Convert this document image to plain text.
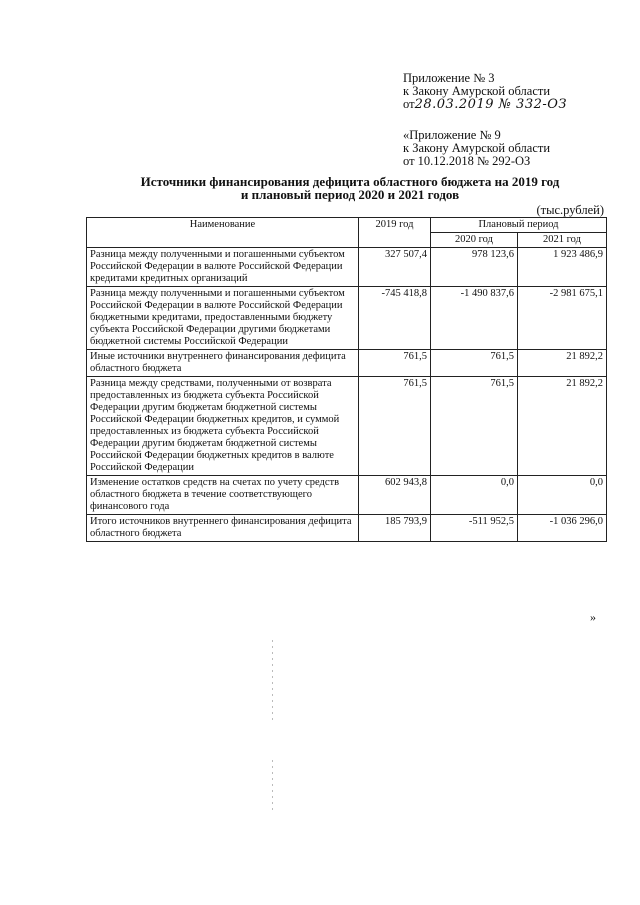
Приложение № 3
к Закону Амурской области
от28.03.2019 № 332-ОЗ
«Приложение № 9
к Закону Амурской области
от 10.12.2018 № 292-ОЗ
Источники финансирования дефицита областного бюджета на 2019 год
и плановый период 2020 и 2021 годов
(тыс.рублей)
Наименование	2019 год	Плановый период	
		2020 год	2021 год
Разница между полученными и погашенными субъектом Российской Федерации в валюте Российской Федерации кредитами кредитных организаций	327 507,4	978 123,6	1 923 486,9
Разница между полученными и погашенными субъектом Российской Федерации в валюте Российской Федерации бюджетными кредитами, предоставленными бюджету субъекта Российской Федерации другими бюджетами бюджетной системы Российской Федерации	-745 418,8	-1 490 837,6	-2 981 675,1
Иные источники внутреннего финансирования дефицита областного бюджета	761,5	761,5	21 892,2
Разница между средствами, полученными от возврата предоставленных из бюджета субъекта Российской Федерации другим бюджетам бюджетной системы Российской Федерации бюджетных кредитов, и суммой предоставленных из бюджета субъекта Российской Федерации другим бюджетам бюджетной системы Российской Федерации бюджетных кредитов в валюте Российской Федерации	761,5	761,5	21 892,2
Изменение остатков средств на счетах по учету средств областного бюджета в течение соответствующего финансового года	602 943,8	0,0	0,0
Итого источников внутреннего финансирования дефицита областного бюджета	185 793,9	-511 952,5	-1 036 296,0
»
